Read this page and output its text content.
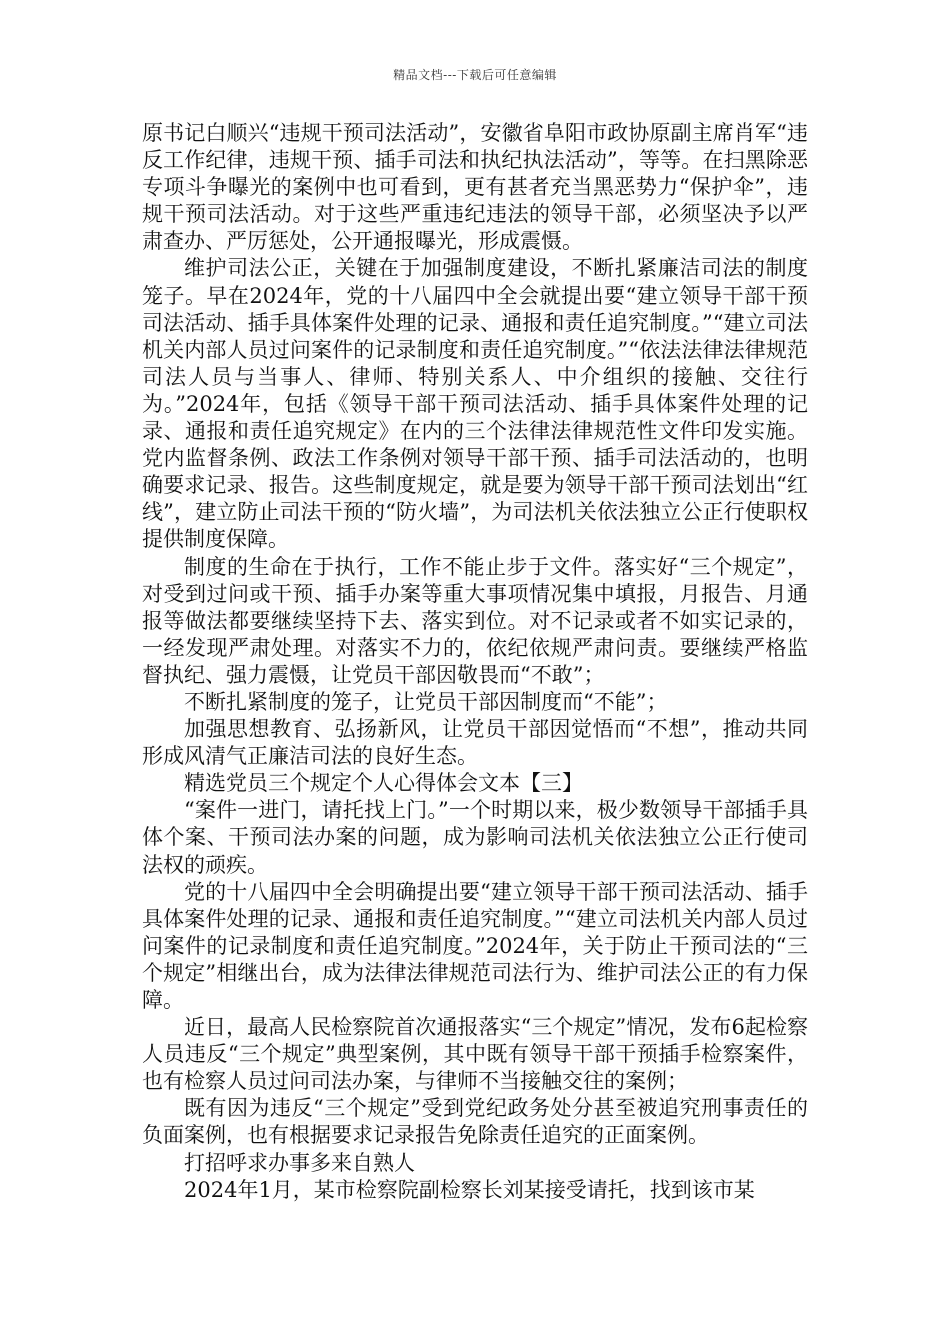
精品文档---下载后可任意编辑

原书记白顺兴“违规干预司法活动”，安徽省阜阳市政协原副主席肖军“违反工作纪律，违规干预、插手司法和执纪执法活动”，等等。在扫黑除恶专项斗争曝光的案例中也可看到，更有甚者充当黑恶势力“保护伞”，违规干预司法活动。对于这些严重违纪违法的领导干部，必须坚决予以严肃查办、严厉惩处，公开通报曝光，形成震慑。

维护司法公正，关键在于加强制度建设，不断扎紧廉洁司法的制度笼子。早在2024年，党的十八届四中全会就提出要“建立领导干部干预司法活动、插手具体案件处理的记录、通报和责任追究制度。”“建立司法机关内部人员过问案件的记录制度和责任追究制度。”“依法法律法律规范司法人员与当事人、律师、特别关系人、中介组织的接触、交往行为。”2024年，包括《领导干部干预司法活动、插手具体案件处理的记录、通报和责任追究规定》在内的三个法律法律规范性文件印发实施。党内监督条例、政法工作条例对领导干部干预、插手司法活动的，也明确要求记录、报告。这些制度规定，就是要为领导干部干预司法划出“红线”，建立防止司法干预的“防火墙”，为司法机关依法独立公正行使职权提供制度保障。

制度的生命在于执行，工作不能止步于文件。落实好“三个规定”，对受到过问或干预、插手办案等重大事项情况集中填报，月报告、月通报等做法都要继续坚持下去、落实到位。对不记录或者不如实记录的，一经发现严肃处理。对落实不力的，依纪依规严肃问责。要继续严格监督执纪、强力震慑，让党员干部因敬畏而“不敢”；

不断扎紧制度的笼子，让党员干部因制度而“不能”；

加强思想教育、弘扬新风，让党员干部因觉悟而“不想”，推动共同形成风清气正廉洁司法的良好生态。

精选党员三个规定个人心得体会文本【三】

“案件一进门，请托找上门。”一个时期以来，极少数领导干部插手具体个案、干预司法办案的问题，成为影响司法机关依法独立公正行使司法权的顽疾。

党的十八届四中全会明确提出要“建立领导干部干预司法活动、插手具体案件处理的记录、通报和责任追究制度。”“建立司法机关内部人员过问案件的记录制度和责任追究制度。”2024年，关于防止干预司法的“三个规定”相继出台，成为法律法律规范司法行为、维护司法公正的有力保障。

近日，最高人民检察院首次通报落实“三个规定”情况，发布6起检察人员违反“三个规定”典型案例，其中既有领导干部干预插手检察案件，也有检察人员过问司法办案，与律师不当接触交往的案例；

既有因为违反“三个规定”受到党纪政务处分甚至被追究刑事责任的负面案例，也有根据要求记录报告免除责任追究的正面案例。

打招呼求办事多来自熟人

2024年1月，某市检察院副检察长刘某接受请托，找到该市某
